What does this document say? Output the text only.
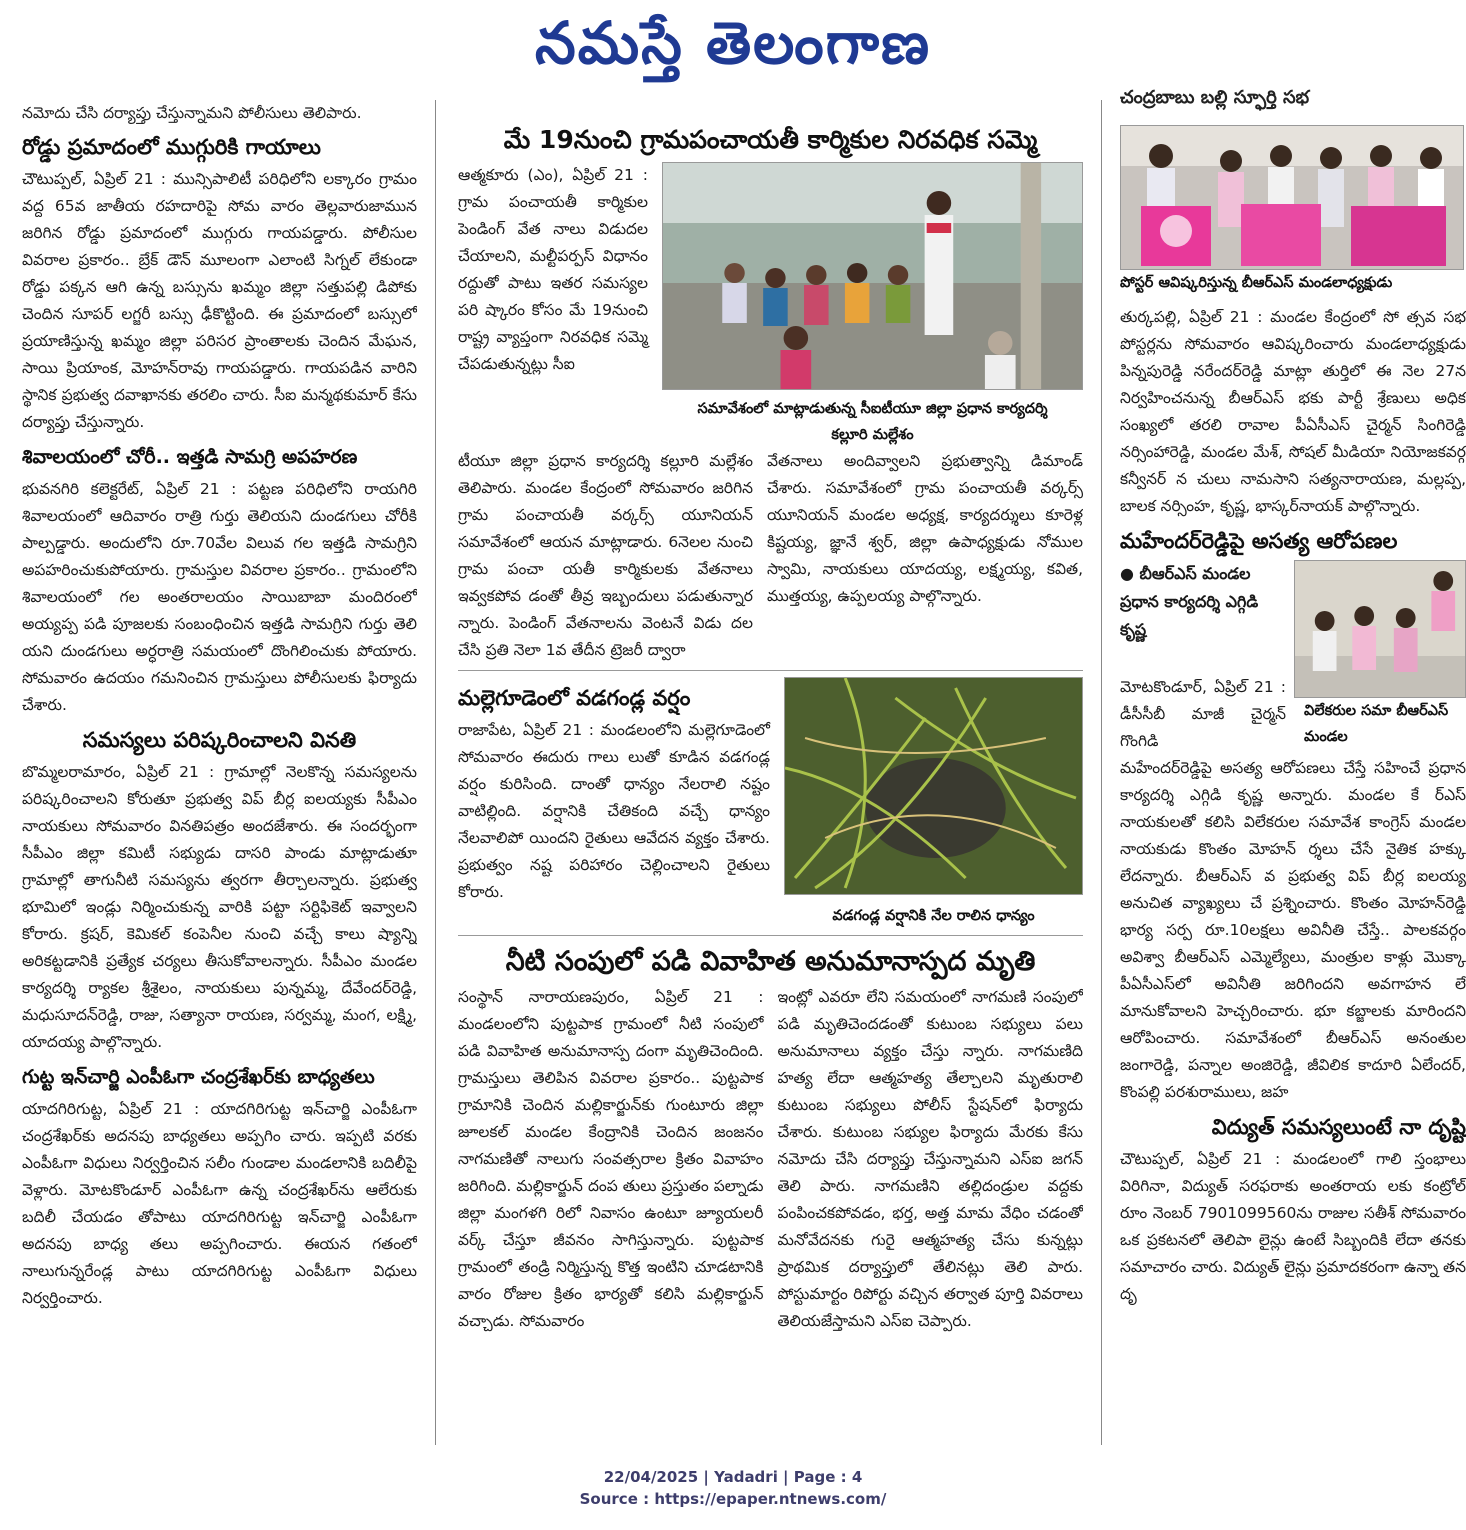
నమస్తే తెలంగాణ
నమోదు చేసి దర్యాప్తు చేస్తున్నామని పోలీసులు తెలిపారు.
రోడ్డు ప్రమాదంలో ముగ్గురికి గాయాలు
చౌటుప్పల్, ఏప్రిల్ 21 : మున్సిపాలిటీ పరిధిలోని లక్కారం గ్రామం వద్ద 65వ జాతీయ రహదారిపై సోమ వారం తెల్లవారుజామున జరిగిన రోడ్డు ప్రమాదంలో ముగ్గురు గాయపడ్డారు. పోలీసుల వివరాల ప్రకారం.. బ్రేక్ డౌన్ మూలంగా ఎలాంటి సిగ్నల్ లేకుండా రోడ్డు పక్కన ఆగి ఉన్న బస్సును ఖమ్మం జిల్లా సత్తుపల్లి డిపోకు చెందిన సూపర్ లగ్జరీ బస్సు ఢీకొట్టింది. ఈ ప్రమాదంలో బస్సులో ప్రయాణిస్తున్న ఖమ్మం జిల్లా పరిసర ప్రాంతాలకు చెందిన మేఘన, సాయి ప్రియాంక, మోహన్‌రావు గాయపడ్డారు. గాయపడిన వారిని స్థానిక ప్రభుత్వ దవాఖానకు తరలిం చారు. సీఐ మన్మథకుమార్ కేసు దర్యాప్తు చేస్తున్నారు.
శివాలయంలో చోరీ.. ఇత్తడి సామగ్రి అపహరణ
భువనగిరి కలెక్టరేట్, ఏప్రిల్ 21 : పట్టణ పరిధిలోని రాయగిరి శివాలయంలో ఆదివారం రాత్రి గుర్తు తెలియని దుండగులు చోరీకి పాల్పడ్డారు. అందులోని రూ.70వేల విలువ గల ఇత్తడి సామగ్రిని అపహరించుకుపోయారు. గ్రామస్తుల వివరాల ప్రకారం.. గ్రామంలోని శివాలయంలో గల అంతరాలయం సాయిబాబా మందిరంలో అయ్యప్ప పడి పూజలకు సంబంధించిన ఇత్తడి సామగ్రిని గుర్తు తెలి యని దుండగులు అర్ధరాత్రి సమయంలో దొంగిలించుకు పోయారు. సోమవారం ఉదయం గమనించిన గ్రామస్తులు పోలీసులకు ఫిర్యాదు చేశారు.
సమస్యలు పరిష్కరించాలని వినతి
బొమ్మలరామారం, ఏప్రిల్ 21 : గ్రామాల్లో నెలకొన్న సమస్యలను పరిష్కరించాలని కోరుతూ ప్రభుత్వ విప్ బీర్ల ఐలయ్యకు సీపీఎం నాయకులు సోమవారం వినతిపత్రం అందజేశారు. ఈ సందర్భంగా సీపీఎం జిల్లా కమిటీ సభ్యుడు దాసరి పాండు మాట్లాడుతూ గ్రామాల్లో తాగునీటి సమస్యను త్వరగా తీర్చాలన్నారు. ప్రభుత్వ భూమిలో ఇండ్లు నిర్మించుకున్న వారికి పట్టా సర్టిఫికెట్ ఇవ్వాలని కోరారు. క్రషర్, కెమికల్ కంపెనీల నుంచి వచ్చే కాలు ష్యాన్ని అరికట్టడానికి ప్రత్యేక చర్యలు తీసుకోవాలన్నారు. సీపీఎం మండల కార్యదర్శి ర్యాకల శ్రీశైలం, నాయకులు పున్నమ్మ, దేవేందర్‌రెడ్డి, మధుసూదన్‌రెడ్డి, రాజు, సత్యానా రాయణ, సర్వమ్మ, మంగ, లక్ష్మి, యాదయ్య పాల్గొన్నారు.
గుట్ట ఇన్‌చార్జి ఎంపీఓగా చంద్రశేఖర్‌కు బాధ్యతలు
యాదగిరిగుట్ట, ఏప్రిల్ 21 : యాదగిరిగుట్ట ఇన్‌చార్జి ఎంపీఓగా చంద్రశేఖర్‌కు అదనపు బాధ్యతలు అప్పగిం చారు. ఇప్పటి వరకు ఎంపీఓగా విధులు నిర్వర్తించిన సలీం గుండాల మండలానికి బదిలీపై వెళ్లారు. మోటకొండూర్ ఎంపీఓగా ఉన్న చంద్రశేఖర్‌ను ఆలేరుకు బదిలీ చేయడం తోపాటు యాదగిరిగుట్ట ఇన్‌చార్జి ఎంపీఓగా అదనపు బాధ్య తలు అప్పగించారు. ఈయన గతంలో నాలుగున్నరేండ్ల పాటు యాదగిరిగుట్ట ఎంపీఓగా విధులు నిర్వర్తించారు.
మే 19నుంచి గ్రామపంచాయతీ కార్మికుల నిరవధిక సమ్మె
ఆత్మకూరు (ఎం), ఏప్రిల్ 21 : గ్రామ పంచాయతీ కార్మికుల పెండింగ్ వేత నాలు విడుదల చేయాలని, మల్టీపర్పస్ విధానం రద్దుతో పాటు ఇతర సమస్యల పరి ష్కారం కోసం మే 19నుంచి రాష్ట్ర వ్యాప్తంగా నిరవధిక సమ్మె చేపడుతున్నట్లు సీఐ
సమావేశంలో మాట్లాడుతున్న సీఐటీయూ జిల్లా ప్రధాన కార్యదర్శి కల్లూరి మల్లేశం
టీయూ జిల్లా ప్రధాన కార్యదర్శి కల్లూరి మల్లేశం తెలిపారు. మండల కేంద్రంలో సోమవారం జరిగిన గ్రామ పంచాయతీ వర్కర్స్ యూనియన్ సమావేశంలో ఆయన మాట్లాడారు. 6నెలల నుంచి గ్రామ పంచా యతీ కార్మికులకు వేతనాలు ఇవ్వకపోవ డంతో తీవ్ర ఇబ్బందులు పడుతున్నార న్నారు. పెండింగ్ వేతనాలను వెంటనే విడు దల చేసి ప్రతి నెలా 1వ తేదీన ట్రెజరీ ద్వారా
వేతనాలు అందివ్వాలని ప్రభుత్వాన్ని డిమాండ్ చేశారు. సమావేశంలో గ్రామ పంచాయతీ వర్కర్స్ యూనియన్ మండల అధ్యక్ష, కార్యదర్శులు కూరెళ్ల కిష్టయ్య, జ్ఞానే శ్వర్, జిల్లా ఉపాధ్యక్షుడు నోముల స్వామి, నాయకులు యాదయ్య, లక్ష్మయ్య, కవిత, ముత్తయ్య, ఉప్పలయ్య పాల్గొన్నారు.
మల్లెగూడెంలో వడగండ్ల వర్షం
రాజాపేట, ఏప్రిల్ 21 : మండలంలోని మల్లెగూడెంలో సోమవారం ఈదురు గాలు లుతో కూడిన వడగండ్ల వర్షం కురిసింది. దాంతో ధాన్యం నేలరాలి నష్టం వాటిల్లింది. వర్షానికి చేతికంది వచ్చే ధాన్యం నేలవాలిపో యిందని రైతులు ఆవేదన వ్యక్తం చేశారు. ప్రభుత్వం నష్ట పరిహారం చెల్లించాలని రైతులు కోరారు.
వడగండ్ల వర్షానికి నేల రాలిన ధాన్యం
నీటి సంపులో పడి వివాహిత అనుమానాస్పద మృతి
సంస్థాన్ నారాయణపురం, ఏప్రిల్ 21 : మండలంలోని పుట్టపాక గ్రామంలో నీటి సంపులో పడి వివాహిత అనుమానాస్ప దంగా మృతిచెందింది. గ్రామస్తులు తెలిపిన వివరాల ప్రకారం.. పుట్టపాక గ్రామానికి చెందిన మల్లికార్జున్‌కు గుంటూరు జిల్లా జూలకల్ మండల కేంద్రానికి చెందిన జంజనం నాగమణితో నాలుగు సంవత్సరాల క్రితం వివాహం జరిగింది. మల్లికార్జున్ దంప తులు ప్రస్తుతం పల్నాడు జిల్లా మంగళగి రిలో నివాసం ఉంటూ జ్యూయలరీ వర్క్ చేస్తూ జీవనం సాగిస్తున్నారు. పుట్టపాక గ్రామంలో తండ్రి నిర్మిస్తున్న కొత్త ఇంటిని చూడటానికి వారం రోజుల క్రితం భార్యతో కలిసి మల్లికార్జున్ వచ్చాడు. సోమవారం
ఇంట్లో ఎవరూ లేని సమయంలో నాగమణి సంపులో పడి మృతిచెందడంతో కుటుంబ సభ్యులు పలు అనుమానాలు వ్యక్తం చేస్తు న్నారు. నాగమణిది హత్య లేదా ఆత్మహత్య తేల్చాలని మృతురాలి కుటుంబ సభ్యులు పోలీస్ స్టేషన్‌లో ఫిర్యాదు చేశారు. కుటుంబ సభ్యుల ఫిర్యాదు మేరకు కేసు నమోదు చేసి దర్యాప్తు చేస్తున్నామని ఎస్‌ఐ జగన్ తెలి పారు. నాగమణిని తల్లిదండ్రుల వద్దకు పంపించకపోవడం, భర్త, అత్త మామ వేధిం చడంతో మనోవేదనకు గురై ఆత్మహత్య చేసు కున్నట్లు ప్రాథమిక దర్యాప్తులో తేలినట్లు తెలి పారు. పోస్టుమార్టం రిపోర్టు వచ్చిన తర్వాత పూర్తి వివరాలు తెలియజేస్తామని ఎస్‌ఐ చెప్పారు.
చంద్రబాబు బల్లి స్ఫూర్తి సభ
పోస్టర్ ఆవిష్కరిస్తున్న బీఆర్ఎస్ మండలాధ్యక్షుడు
తుర్కపల్లి, ఏప్రిల్ 21 : మండల కేంద్రంలో సో త్సవ సభ పోస్టర్లను సోమవారం ఆవిష్కరించారు మండలాధ్యక్షుడు పిన్నపురెడ్డి నరేందర్‌రెడ్డి మాట్లా తుర్తిలో ఈ నెల 27న నిర్వహించనున్న బీఆర్ఎస్ భకు పార్టీ శ్రేణులు అధిక సంఖ్యలో తరలి రావాల పీఏసీఎస్ చైర్మన్ సింగిరెడ్డి నర్సింహారెడ్డి, మండల మేశ్, సోషల్ మీడియా నియోజకవర్గ కన్వీనర్ న చులు నామసాని సత్యనారాయణ, మల్లప్ప, బాలక నర్సింహ, కృష్ణ, భాస్కర్‌నాయక్ పాల్గొన్నారు.
మహేందర్‌రెడ్డిపై అసత్య ఆరోపణల
● బీఆర్ఎస్ మండల ప్రధాన కార్యదర్శి ఎగ్గిడి కృష్ణ
మోటకొండూర్, ఏప్రిల్ 21 : డీసీసీబీ మాజీ చైర్మన్ గొంగిడి
విలేకరుల సమా బీఆర్ఎస్ మండల
మహేందర్‌రెడ్డిపై అసత్య ఆరోపణలు చేస్తే సహించే ప్రధాన కార్యదర్శి ఎగ్గిడి కృష్ణ అన్నారు. మండల కే ర్ఎస్ నాయకులతో కలిసి విలేకరుల సమావేశ కాంగ్రెస్ మండల నాయకుడు కొంతం మోహన్‌ ర్శలు చేసే నైతిక హక్కు లేదన్నారు. బీఆర్ఎస్ వ ప్రభుత్వ విప్ బీర్ల ఐలయ్య అనుచిత వ్యాఖ్యలు చే ప్రశ్నించారు. కొంతం మోహన్‌రెడ్డి భార్య సర్ప రూ.10లక్షలు అవినీతి చేస్తే.. పాలకవర్గం అవిశ్వా బీఆర్ఎస్ ఎమ్మెల్యేలు, మంత్రుల కాళ్లు మొక్కా పీఏసీఎస్‌లో అవినీతి జరిగిందని అవగాహన లే మానుకోవాలని హెచ్చరించారు. భూ కబ్జాలకు మారిందని ఆరోపించారు. సమావేశంలో బీఆర్ఎస్ అనంతుల జంగారెడ్డి, పన్నాల అంజిరెడ్డి, జీవిలిక కాదూరి ఏలేందర్, కొంపల్లి పరశురాములు, జహ
విద్యుత్ సమస్యలుంటే నా దృష్టి
చౌటుప్పల్, ఏప్రిల్ 21 : మండలంలో గాలి స్తంభాలు విరిగినా, విద్యుత్ సరఫరాకు అంతరాయ లకు కంట్రోల్ రూం నెంబర్ 7901099560ను రాజుల సతీశ్ సోమవారం ఒక ప్రకటనలో తెలిపా లైన్లు ఉంటే సిబ్బందికి లేదా తనకు సమాచారం చారు. విద్యుత్ లైన్లు ప్రమాదకరంగా ఉన్నా తన దృ
22/04/2025 | Yadadri | Page : 4
Source : https://epaper.ntnews.com/
